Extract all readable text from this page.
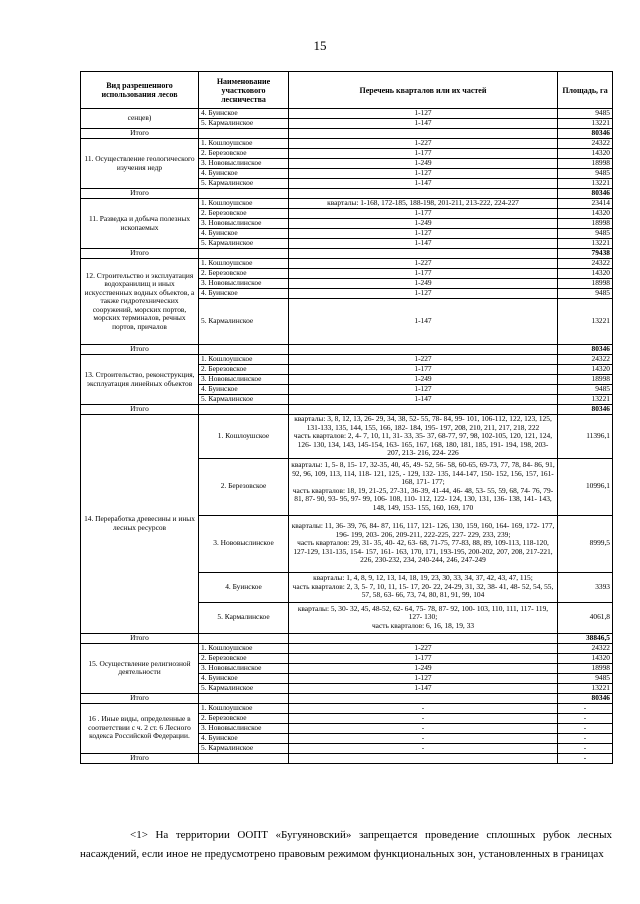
15
Вид разрешенного использования лесов	Наименование участкового лесничества	Перечень кварталов или их частей	Площадь, га
сенцев)	4. Буинское	1-127	9485
	5. Кармалинское	1-147	13221
Итого			80346
11. Осуществление геологического изучения недр	1. Кошлоушское	1-227	24322
	2. Березовское	1-177	14320
	3. Нововыслинское	1-249	18998
	4. Буинское	1-127	9485
	5. Кармалинское	1-147	13221
Итого			80346
11. Разведка и добыча полезных ископаемых	1. Кошлоушское	кварталы: 1-168, 172-185, 188-198, 201-211, 213-222, 224-227	23414
	2. Березовское	1-177	14320
	3. Нововыслинское	1-249	18998
	4. Буинское	1-127	9485
	5. Кармалинское	1-147	13221
Итого			79438
12. Строительство и эксплуатация водохранилищ и иных искусственных водных объектов, а также гидротехнических сооружений, морских портов, морских терминалов, речных портов, причалов	1. Кошлоушское	1-227	24322
	2. Березовское	1-177	14320
	3. Нововыслинское	1-249	18998
	4. Буинское	1-127	9485
	5. Кармалинское	1-147	13221
Итого			80346
13. Строительство, реконструкция, эксплуатация линейных объектов	1. Кошлоушское	1-227	24322
	2. Березовское	1-177	14320
	3. Нововыслинское	1-249	18998
	4. Буинское	1-127	9485
	5. Кармалинское	1-147	13221
Итого			80346
14. Переработка древесины и иных лесных ресурсов	1. Кошлоушское	кварталы: 3, 8, 12, 13, 26- 29, 34, 38, 52- 55, 78- 84, 99- 101, 106-112, 122, 123, 125, 131-133, 135, 144, 155, 166, 182- 184, 195- 197, 208, 210, 211, 217, 218, 222
часть кварталов: 2, 4- 7, 10, 11, 31- 33, 35- 37, 68-77, 97, 98, 102-105, 120, 121, 124, 126- 130, 134, 143, 145-154, 163- 165, 167, 168, 180, 181, 185, 191- 194, 198, 203- 207, 213- 216, 224- 226	11396,1
	2. Березовское	кварталы: 1, 5- 8, 15- 17, 32-35, 40, 45, 49- 52, 56- 58, 60-65, 69-73, 77, 78, 84- 86, 91, 92, 96, 109, 113, 114, 118- 121, 125, - 129, 132- 135, 144-147, 150- 152, 156, 157, 161- 168, 171- 177;
часть кварталов: 18, 19, 21-25, 27-31, 36-39, 41-44, 46- 48, 53- 55, 59, 68, 74- 76, 79- 81, 87- 90, 93- 95, 97- 99, 106- 108, 110- 112, 122- 124, 130, 131, 136- 138, 141- 143, 148, 149, 153- 155, 160, 169, 170	10996,1
	3. Нововыслинское	кварталы: 11, 36- 39, 76, 84- 87, 116, 117, 121- 126, 130, 159, 160, 164- 169, 172- 177, 196- 199, 203- 206, 209-211, 222-225, 227- 229, 233, 239;
часть кварталов: 29, 31- 35, 40- 42, 63- 68, 71-75, 77-83, 88, 89, 109-113, 118-120, 127-129, 131-135, 154- 157, 161- 163, 170, 171, 193-195, 200-202, 207, 208, 217-221, 226, 230-232, 234, 240-244, 246, 247-249	8999,5
	4. Буинское	кварталы: 1, 4, 8, 9, 12, 13, 14, 18, 19, 23, 30, 33, 34, 37, 42, 43, 47, 115;
часть кварталов: 2, 3, 5- 7, 10, 11, 15- 17, 20- 22, 24-29, 31, 32, 38- 41, 48- 52, 54, 55, 57, 58, 63- 66, 73, 74, 80, 81, 91, 99, 104	3393
	5. Кармалинское	кварталы: 5, 30- 32, 45, 48-52, 62- 64, 75- 78, 87- 92, 100- 103, 110, 111, 117- 119, 127- 130;
часть кварталов: 6, 16, 18, 19, 33	4061,8
Итого			38846,5
15. Осуществление религиозной деятельности	1. Кошлоушское	1-227	24322
	2. Березовское	1-177	14320
	3. Нововыслинское	1-249	18998
	4. Буинское	1-127	9485
	5. Кармалинское	1-147	13221
Итого			80346
16 . Иные виды, определенные в соответствии с ч. 2 ст. 6 Лесного кодекса Российской Федерации.	1. Кошлоушское	-	-
	2. Березовское	-	-
	3. Нововыслинское	-	-
	4. Буинское	-	-
	5. Кармалинское	-	-
Итого			-

<1> На территории ООПТ «Бугуяновский» запрещается проведение сплошных рубок лесных насаждений, если иное не предусмотрено правовым режимом функциональных зон, установленных в границах
